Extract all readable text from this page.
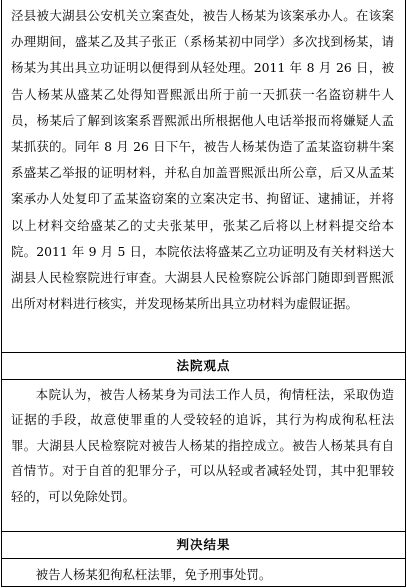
泾县被大湖县公安机关立案查处，被告人杨某为该案承办人。在该案办理期间，盛某乙及其子张正（系杨某初中同学）多次找到杨某，请杨某为其出具立功证明以便得到从轻处理。2011 年 8 月 26 日，被告人杨某从盛某乙处得知晋熙派出所于前一天抓获一名盗窃耕牛人员，杨某后了解到该案系晋熙派出所根据他人电话举报而将嫌疑人孟某抓获的。同年 8 月 26 日下午，被告人杨某伪造了孟某盗窃耕牛案系盛某乙举报的证明材料，并私自加盖晋熙派出所公章，后又从孟某案承办人处复印了孟某盗窃案的立案决定书、拘留证、逮捕证，并将以上材料交给盛某乙的丈夫张某甲，张某乙后将以上材料提交给本院。2011 年 9 月 5 日，本院依法将盛某乙立功证明及有关材料送大湖县人民检察院进行审查。大湖县人民检察院公诉部门随即到晋熙派出所对材料进行核实，并发现杨某所出具立功材料为虚假证据。

法院观点

本院认为，被告人杨某身为司法工作人员，徇情枉法，采取伪造证据的手段，故意使罪重的人受较轻的追诉，其行为构成徇私枉法罪。大湖县人民检察院对被告人杨某的指控成立。被告人杨某具有自首情节。对于自首的犯罪分子，可以从轻或者减轻处罚，其中犯罪较轻的，可以免除处罚。

判决结果

被告人杨某犯徇私枉法罪，免予刑事处罚。
